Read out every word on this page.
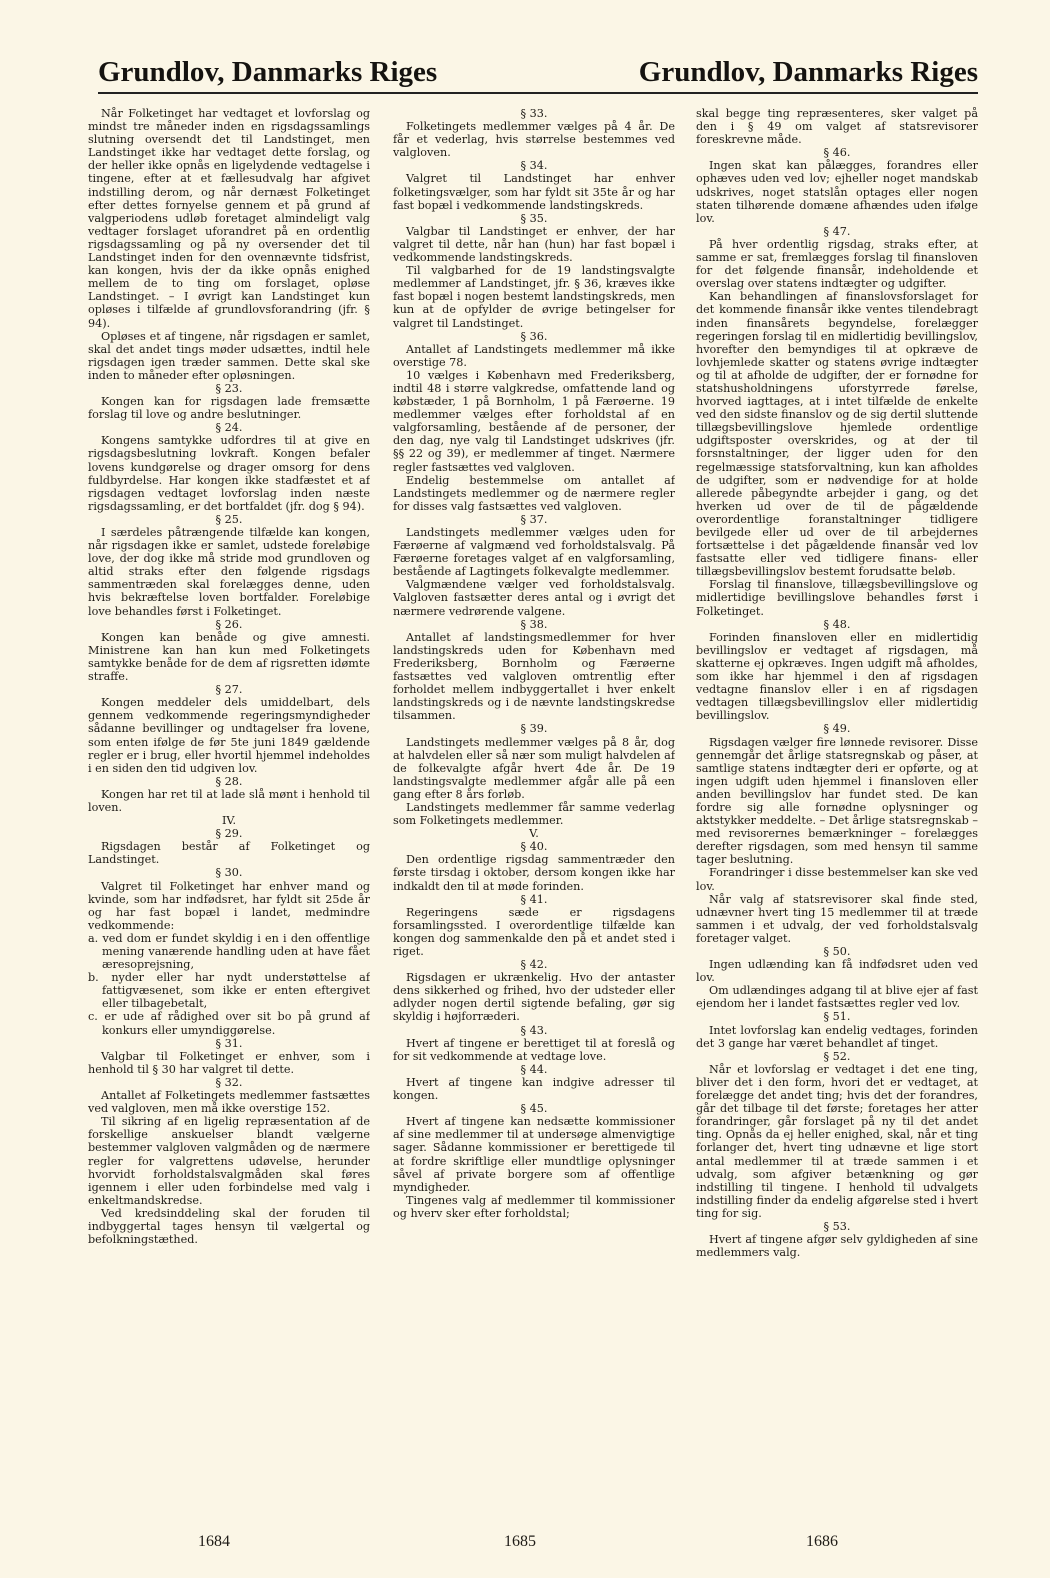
Grundlov, Danmarks Riges	Grundlov, Danmarks Riges

Når Folketinget har vedtaget et lovforslag og mindst tre måneder inden en rigsdagssamlings slutning oversendt det til Landstinget, men Landstinget ikke har vedtaget dette forslag, og der heller ikke opnås en ligelydende vedtagelse i tingene, efter at et fællesudvalg har afgivet indstilling derom, og når dernæst Folketinget efter dettes fornyelse gennem et på grund af valgperiodens udløb foretaget almindeligt valg vedtager forslaget uforandret på en ordentlig rigsdagssamling og på ny oversender det til Landstinget inden for den ovennævnte tidsfrist, kan kongen, hvis der da ikke opnås enighed mellem de to ting om forslaget, opløse Landstinget. – I øvrigt kan Landstinget kun opløses i tilfælde af grundlovsforandring (jfr. § 94).

Opløses et af tingene, når rigsdagen er samlet, skal det andet tings møder udsættes, indtil hele rigsdagen igen træder sammen. Dette skal ske inden to måneder efter opløsningen.

§ 23.

Kongen kan for rigsdagen lade fremsætte forslag til love og andre beslutninger.

§ 24.

Kongens samtykke udfordres til at give en rigsdagsbeslutning lovkraft. Kongen befaler lovens kundgørelse og drager omsorg for dens fuldbyrdelse. Har kongen ikke stadfæstet et af rigsdagen vedtaget lovforslag inden næste rigsdagssamling, er det bortfaldet (jfr. dog § 94).

§ 25.

I særdeles påtrængende tilfælde kan kongen, når rigsdagen ikke er samlet, udstede foreløbige love, der dog ikke må stride mod grundloven og altid straks efter den følgende rigsdags sammentræden skal forelægges denne, uden hvis bekræftelse loven bortfalder. Foreløbige love behandles først i Folketinget.

§ 26.

Kongen kan benåde og give amnesti. Ministrene kan han kun med Folketingets samtykke benåde for de dem af rigsretten idømte straffe.

§ 27.

Kongen meddeler dels umiddelbart, dels gennem vedkommende regeringsmyndigheder sådanne bevillinger og undtagelser fra lovene, som enten ifølge de før 5te juni 1849 gældende regler er i brug, eller hvortil hjemmel indeholdes i en siden den tid udgiven lov.

§ 28.

Kongen har ret til at lade slå mønt i henhold til loven.

IV.

§ 29.

Rigsdagen består af Folketinget og Landstinget.

§ 30.

Valgret til Folketinget har enhver mand og kvinde, som har indfødsret, har fyldt sit 25de år og har fast bopæl i landet, medmindre vedkommende:

a. ved dom er fundet skyldig i en i den offentlige mening vanærende handling uden at have fået æresoprejsning,

b. nyder eller har nydt understøttelse af fattigvæsenet, som ikke er enten eftergivet eller tilbagebetalt,

c. er ude af rådighed over sit bo på grund af konkurs eller umyndiggørelse.

§ 31.

Valgbar til Folketinget er enhver, som i henhold til § 30 har valgret til dette.

§ 32.

Antallet af Folketingets medlemmer fastsættes ved valgloven, men må ikke overstige 152.

Til sikring af en ligelig repræsentation af de forskellige anskuelser blandt vælgerne bestemmer valgloven valgmåden og de nærmere regler for valgrettens udøvelse, herunder hvorvidt forholdstalsvalgmåden skal føres igennem i eller uden forbindelse med valg i enkeltmandskredse.

Ved kredsinddeling skal der foruden til indbyggertal tages hensyn til vælgertal og befolkningstæthed.

§ 33.

Folketingets medlemmer vælges på 4 år. De får et vederlag, hvis størrelse bestemmes ved valgloven.

§ 34.

Valgret til Landstinget har enhver folketingsvælger, som har fyldt sit 35te år og har fast bopæl i vedkommende landstingskreds.

§ 35.

Valgbar til Landstinget er enhver, der har valgret til dette, når han (hun) har fast bopæl i vedkommende landstingskreds.

Til valgbarhed for de 19 landstingsvalgte medlemmer af Landstinget, jfr. § 36, kræves ikke fast bopæl i nogen bestemt landstingskreds, men kun at de opfylder de øvrige betingelser for valgret til Landstinget.

§ 36.

Antallet af Landstingets medlemmer må ikke overstige 78.

10 vælges i København med Frederiksberg, indtil 48 i større valgkredse, omfattende land og købstæder, 1 på Bornholm, 1 på Færøerne. 19 medlemmer vælges efter forholdstal af en valgforsamling, bestående af de personer, der den dag, nye valg til Landstinget udskrives (jfr. §§ 22 og 39), er medlemmer af tinget. Nærmere regler fastsættes ved valgloven.

Endelig bestemmelse om antallet af Landstingets medlemmer og de nærmere regler for disses valg fastsættes ved valgloven.

§ 37.

Landstingets medlemmer vælges uden for Færøerne af valgmænd ved forholdstalsvalg. På Færøerne foretages valget af en valgforsamling, bestående af Lagtingets folkevalgte medlemmer.

Valgmændene vælger ved forholdstalsvalg. Valgloven fastsætter deres antal og i øvrigt det nærmere vedrørende valgene.

§ 38.

Antallet af landstingsmedlemmer for hver landstingskreds uden for København med Frederiksberg, Bornholm og Færøerne fastsættes ved valgloven omtrentlig efter forholdet mellem indbyggertallet i hver enkelt landstingskreds og i de nævnte landstingskredse tilsammen.

§ 39.

Landstingets medlemmer vælges på 8 år, dog at halvdelen eller så nær som muligt halvdelen af de folkevalgte afgår hvert 4de år. De 19 landstingsvalgte medlemmer afgår alle på een gang efter 8 års forløb.

Landstingets medlemmer får samme vederlag som Folketingets medlemmer.

V.

§ 40.

Den ordentlige rigsdag sammentræder den første tirsdag i oktober, dersom kongen ikke har indkaldt den til at møde forinden.

§ 41.

Regeringens sæde er rigsdagens forsamlingssted. I overordentlige tilfælde kan kongen dog sammenkalde den på et andet sted i riget.

§ 42.

Rigsdagen er ukrænkelig. Hvo der antaster dens sikkerhed og frihed, hvo der udsteder eller adlyder nogen dertil sigtende befaling, gør sig skyldig i højforræderi.

§ 43.

Hvert af tingene er berettiget til at foreslå og for sit vedkommende at vedtage love.

§ 44.

Hvert af tingene kan indgive adresser til kongen.

§ 45.

Hvert af tingene kan nedsætte kommissioner af sine medlemmer til at undersøge almenvigtige sager. Sådanne kommissioner er berettigede til at fordre skriftlige eller mundtlige oplysninger såvel af private borgere som af offentlige myndigheder.

Tingenes valg af medlemmer til kommissioner og hverv sker efter forholdstal;

skal begge ting repræsenteres, sker valget på den i § 49 om valget af statsrevisorer foreskrevne måde.

§ 46.

Ingen skat kan pålægges, forandres eller ophæves uden ved lov; ejheller noget mandskab udskrives, noget statslån optages eller nogen staten tilhørende domæne afhændes uden ifølge lov.

§ 47.

På hver ordentlig rigsdag, straks efter, at samme er sat, fremlægges forslag til finansloven for det følgende finansår, indeholdende et overslag over statens indtægter og udgifter.

Kan behandlingen af finanslovsforslaget for det kommende finansår ikke ventes tilendebragt inden finansårets begyndelse, forelægger regeringen forslag til en midlertidig bevillingslov, hvorefter den bemyndiges til at opkræve de lovhjemlede skatter og statens øvrige indtægter og til at afholde de udgifter, der er fornødne for statshusholdningens uforstyrrede førelse, hvorved iagttages, at i intet tilfælde de enkelte ved den sidste finanslov og de sig dertil sluttende tillægsbevillingslove hjemlede ordentlige udgiftsposter overskrides, og at der til forsnstaltninger, der ligger uden for den regelmæssige statsforvaltning, kun kan afholdes de udgifter, som er nødvendige for at holde allerede påbegyndte arbejder i gang, og det hverken ud over de til de pågældende overordentlige foranstaltninger tidligere bevilgede eller ud over de til arbejdernes fortsættelse i det pågældende finansår ved lov fastsatte eller ved tidligere finans- eller tillægsbevillingslov bestemt forudsatte beløb.

Forslag til finanslove, tillægsbevillingslove og midlertidige bevillingslove behandles først i Folketinget.

§ 48.

Forinden finansloven eller en midlertidig bevillingslov er vedtaget af rigsdagen, må skatterne ej opkræves. Ingen udgift må afholdes, som ikke har hjemmel i den af rigsdagen vedtagne finanslov eller i en af rigsdagen vedtagen tillægsbevillingslov eller midlertidig bevillingslov.

§ 49.

Rigsdagen vælger fire lønnede revisorer. Disse gennemgår det årlige statsregnskab og påser, at samtlige statens indtægter deri er opførte, og at ingen udgift uden hjemmel i finansloven eller anden bevillingslov har fundet sted. De kan fordre sig alle fornødne oplysninger og aktstykker meddelte. – Det årlige statsregnskab – med revisorernes bemærkninger – forelægges derefter rigsdagen, som med hensyn til samme tager beslutning.

Forandringer i disse bestemmelser kan ske ved lov.

Når valg af statsrevisorer skal finde sted, udnævner hvert ting 15 medlemmer til at træde sammen i et udvalg, der ved forholdstalsvalg foretager valget.

§ 50.

Ingen udlænding kan få indfødsret uden ved lov.

Om udlændinges adgang til at blive ejer af fast ejendom her i landet fastsættes regler ved lov.

§ 51.

Intet lovforslag kan endelig vedtages, forinden det 3 gange har været behandlet af tinget.

§ 52.

Når et lovforslag er vedtaget i det ene ting, bliver det i den form, hvori det er vedtaget, at forelægge det andet ting; hvis det der forandres, går det tilbage til det første; foretages her atter forandringer, går forslaget på ny til det andet ting. Opnås da ej heller enighed, skal, når et ting forlanger det, hvert ting udnævne et lige stort antal medlemmer til at træde sammen i et udvalg, som afgiver betænkning og gør indstilling til tingene. I henhold til udvalgets indstilling finder da endelig afgørelse sted i hvert ting for sig.

§ 53.

Hvert af tingene afgør selv gyldigheden af sine medlemmers valg.

1684	1685	1686
